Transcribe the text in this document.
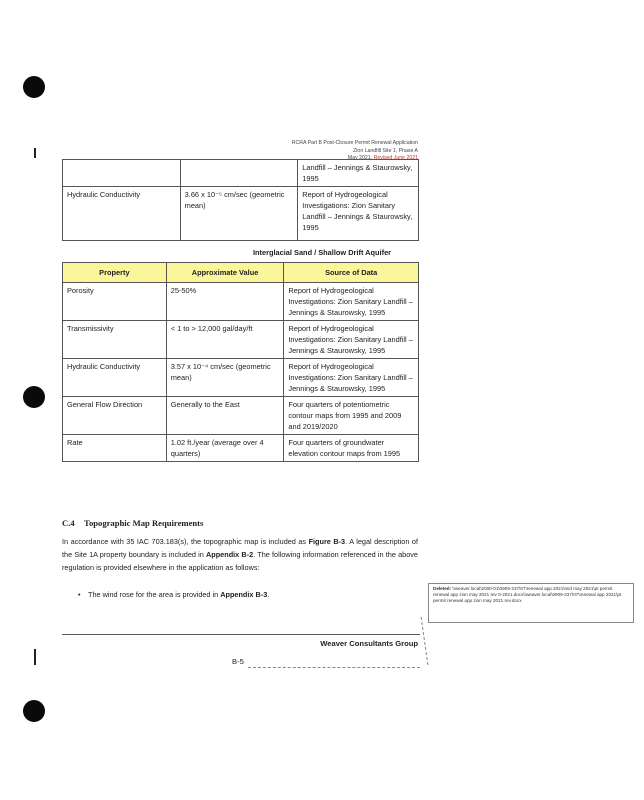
RCRA Part B Post-Closure Permit Renewal Application
Zion Landfill Site 1, Phase A
May 2021, Revised June 2021
		Landfill – Jennings & Staurowsky, 1995
Hydraulic Conductivity	3.66 x 10⁻⁵ cm/sec (geometric mean)	Report of Hydrogeological Investigations: Zion Sanitary Landfill – Jennings & Staurowsky, 1995
Interglacial Sand / Shallow Drift Aquifer
Property	Approximate Value	Source of Data
Porosity	25-50%	Report of Hydrogeological Investigations: Zion Sanitary Landfill – Jennings & Staurowsky, 1995
Transmissivity	< 1 to > 12,000 gal/day/ft	Report of Hydrogeological Investigations: Zion Sanitary Landfill – Jennings & Staurowsky, 1995
Hydraulic Conductivity	3.57 x 10⁻⁴ cm/sec (geometric mean)	Report of Hydrogeological Investigations: Zion Sanitary Landfill – Jennings & Staurowsky, 1995
General Flow Direction	Generally to the East	Four quarters of potentiometric contour maps from 1995 and 2009 and 2019/2020
Rate	1.02 ft./year (average over 4 quarters)	Four quarters of groundwater elevation contour maps from 1995
C.4 Topographic Map Requirements
In accordance with 35 IAC 703.183(s), the topographic map is included as Figure B-3. A legal description of the Site 1A property boundary is included in Appendix B-2. The following information referenced in the above regulation is provided elsewhere in the application as follows:
• The wind rose for the area is provided in Appendix B-3.
Deleted: \\weaver.local\2000-01\0909-237\07\renewal app 2021\mid may 2021\pt permit renewal app zion may 2021 rev 0-2021.docx\\weaver.local\0909-237\07\renewal app 2021\pt permit renewal app zion may 2021 rev.docx
Weaver Consultants Group
B-5
